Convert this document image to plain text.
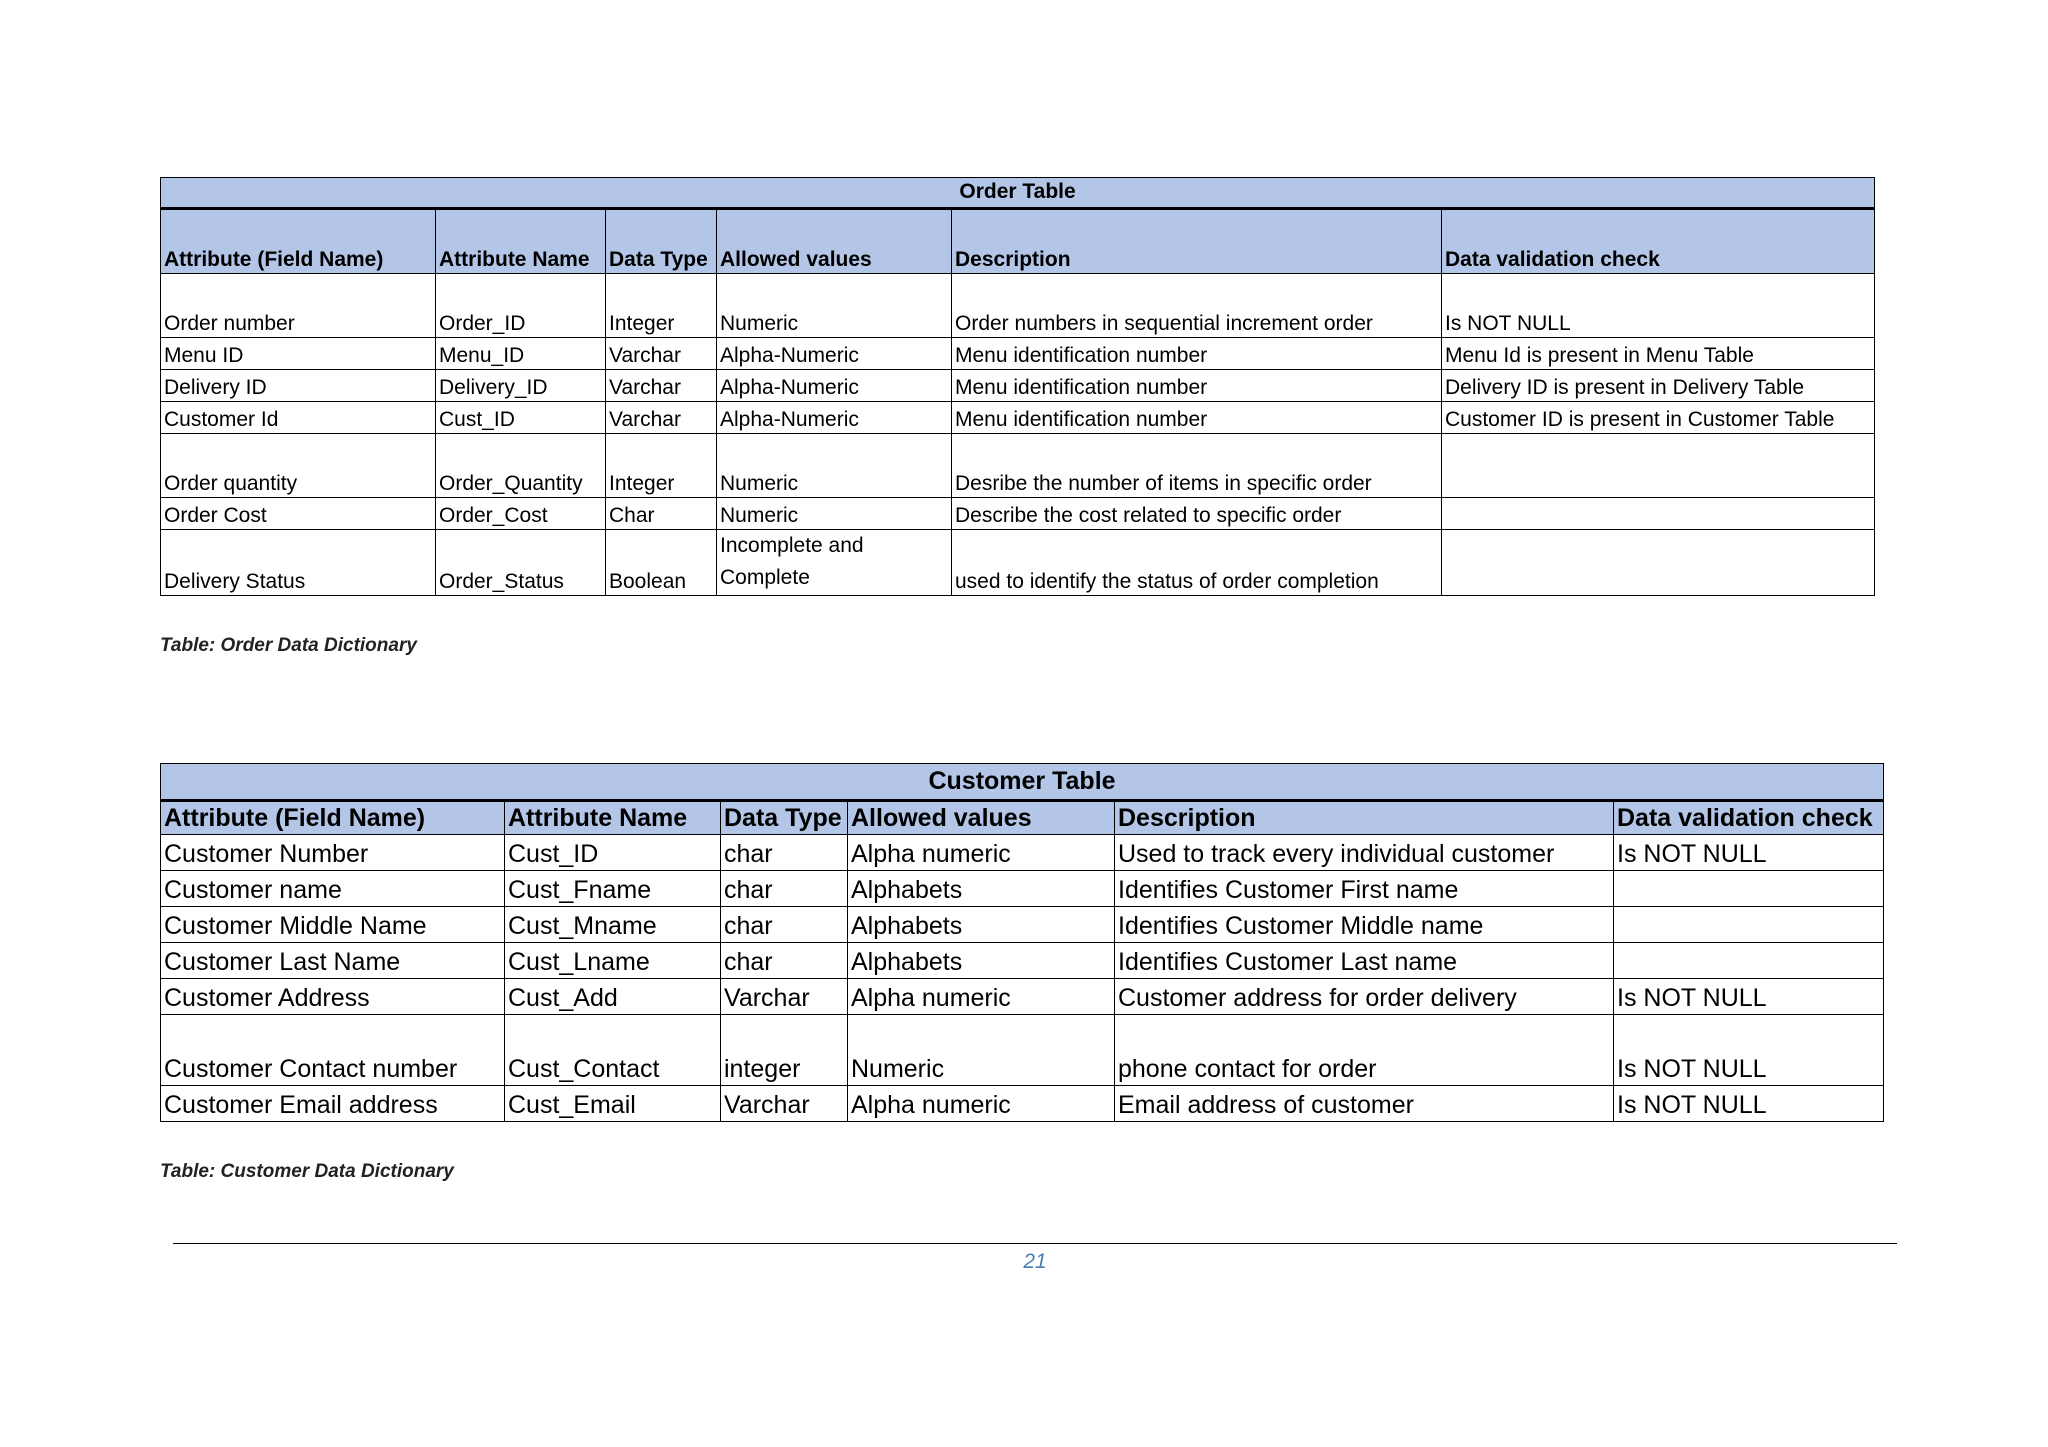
Order Table					
Attribute (Field Name)	Attribute Name	Data Type	Allowed values	Description	Data validation check
Order number	Order_ID	Integer	Numeric	Order numbers in sequential increment order	Is NOT NULL
Menu ID	Menu_ID	Varchar	Alpha-Numeric	Menu identification number	Menu Id is present in Menu Table
Delivery ID	Delivery_ID	Varchar	Alpha-Numeric	Menu identification number	Delivery ID is present in Delivery Table
Customer Id	Cust_ID	Varchar	Alpha-Numeric	Menu identification number	Customer ID is present in Customer Table
Order quantity	Order_Quantity	Integer	Numeric	Desribe the number of items in specific order	
Order Cost	Order_Cost	Char	Numeric	Describe the cost related to specific order	
Delivery Status	Order_Status	Boolean	Incomplete and Complete	used to identify the status of order completion	
Table: Order Data Dictionary
Customer Table					
Attribute (Field Name)	Attribute Name	Data Type	Allowed values	Description	Data validation check
Customer Number	Cust_ID	char	Alpha numeric	Used to track every individual customer	Is NOT NULL
Customer name	Cust_Fname	char	Alphabets	Identifies Customer First name	
Customer Middle Name	Cust_Mname	char	Alphabets	Identifies Customer Middle name	
Customer Last Name	Cust_Lname	char	Alphabets	Identifies Customer Last name	
Customer Address	Cust_Add	Varchar	Alpha numeric	Customer address for order delivery	Is NOT NULL
Customer Contact number	Cust_Contact	integer	Numeric	phone contact for order	Is NOT NULL
Customer Email address	Cust_Email	Varchar	Alpha numeric	Email address of customer	Is NOT NULL
Table: Customer Data Dictionary
21
